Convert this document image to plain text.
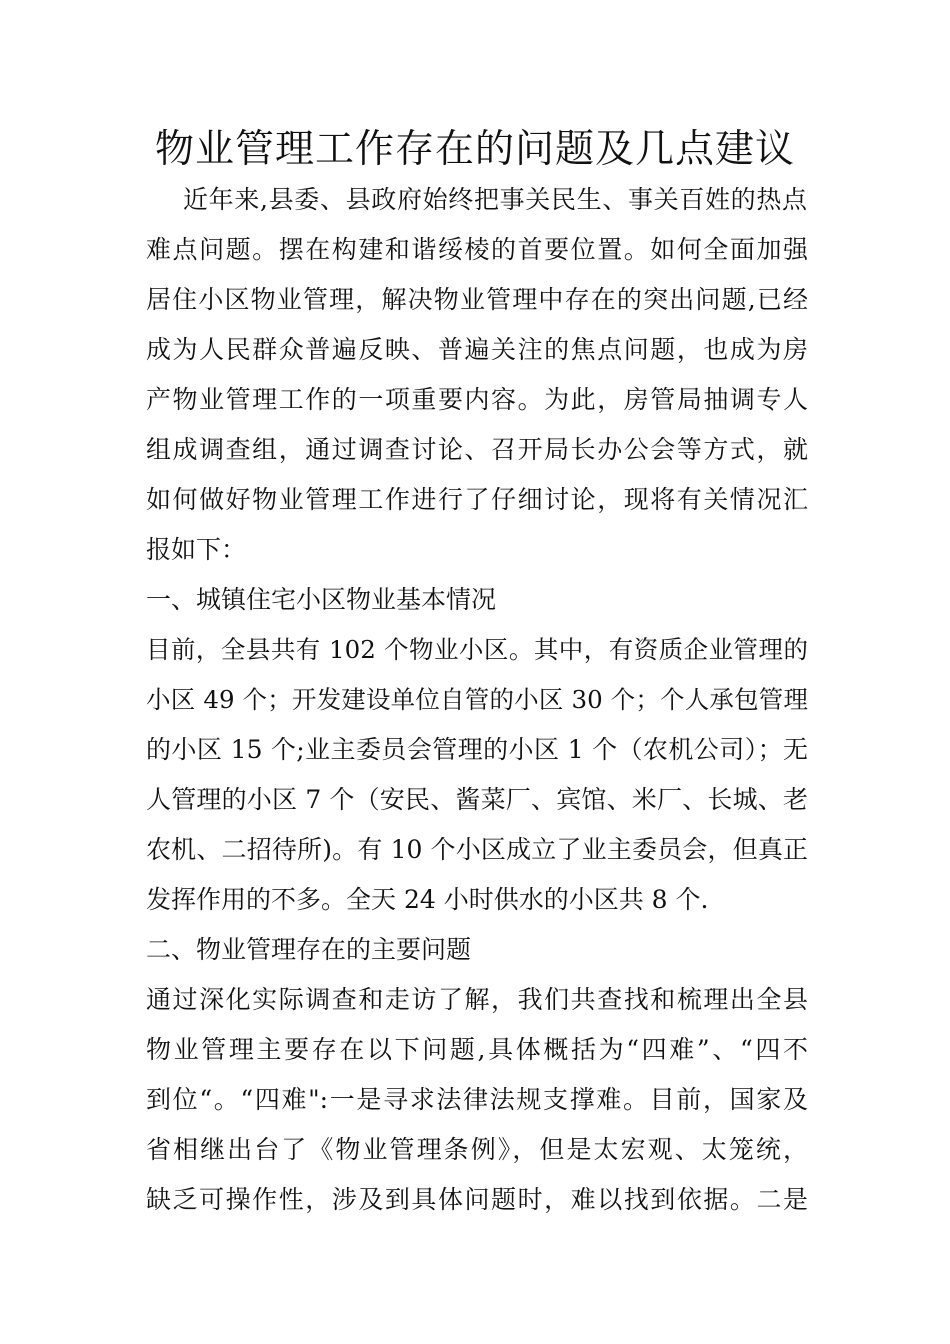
物业管理工作存在的问题及几点建议
近年来,县委、县政府始终把事关民生、事关百姓的热点
难点问题。摆在构建和谐绥棱的首要位置。如何全面加强
居住小区物业管理，解决物业管理中存在的突出问题,已经
成为人民群众普遍反映、普遍关注的焦点问题，也成为房
产物业管理工作的一项重要内容。为此，房管局抽调专人
组成调查组，通过调查讨论、召开局长办公会等方式，就
如何做好物业管理工作进行了仔细讨论，现将有关情况汇
报如下：
一、城镇住宅小区物业基本情况
目前，全县共有 102 个物业小区。其中，有资质企业管理的
小区 49 个；开发建设单位自管的小区 30 个；个人承包管理
的小区 15 个;业主委员会管理的小区 1 个（农机公司）；无
人管理的小区 7 个（安民、酱菜厂、宾馆、米厂、长城、老
农机、二招待所)。有 10 个小区成立了业主委员会，但真正
发挥作用的不多。全天 24 小时供水的小区共 8 个.
二、物业管理存在的主要问题
通过深化实际调查和走访了解，我们共查找和梳理出全县
物业管理主要存在以下问题,具体概括为“四难”、“四不
到位“。“四难":一是寻求法律法规支撑难。目前，国家及
省相继出台了《物业管理条例》，但是太宏观、太笼统，
缺乏可操作性，涉及到具体问题时，难以找到依据。二是
